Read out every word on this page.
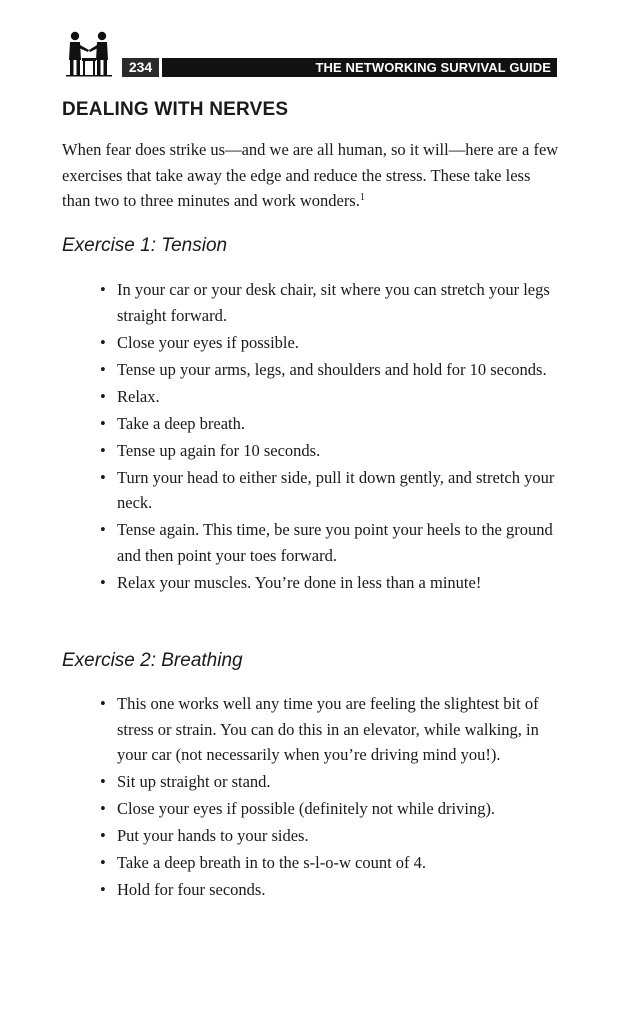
234	THE NETWORKING SURVIVAL GUIDE
DEALING WITH NERVES

When fear does strike us—and we are all human, so it will—here are a few exercises that take away the edge and reduce the stress. These take less than two to three minutes and work wonders.$^1$

Exercise 1: Tension
• In your car or your desk chair, sit where you can stretch your legs straight forward.
• Close your eyes if possible.
• Tense up your arms, legs, and shoulders and hold for 10 seconds.
• Relax.
• Take a deep breath.
• Tense up again for 10 seconds.
• Turn your head to either side, pull it down gently, and stretch your neck.
• Tense again. This time, be sure you point your heels to the ground and then point your toes forward.
• Relax your muscles. You’re done in less than a minute!
Exercise 2: Breathing
• This one works well any time you are feeling the slightest bit of stress or strain. You can do this in an elevator, while walking, in your car (not necessarily when you’re driving mind you!).
• Sit up straight or stand.
• Close your eyes if possible (definitely not while driving).
• Put your hands to your sides.
• Take a deep breath in to the s-l-o-w count of 4.
• Hold for four seconds.
